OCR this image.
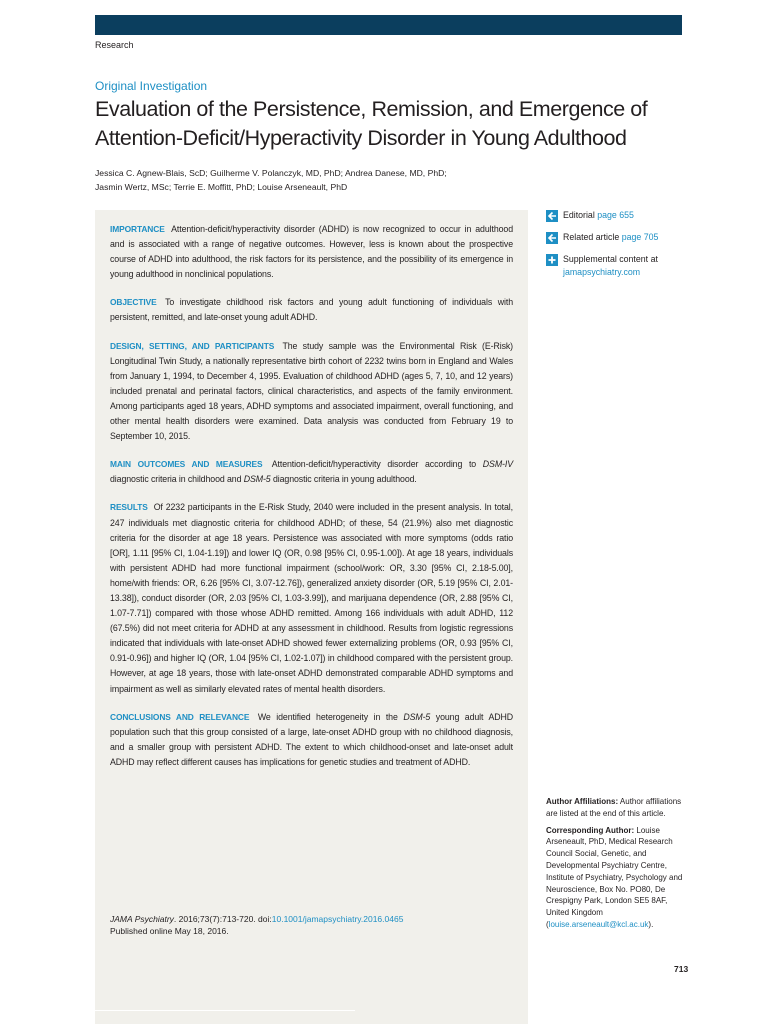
Research
Original Investigation
Evaluation of the Persistence, Remission, and Emergence of Attention-Deficit/Hyperactivity Disorder in Young Adulthood
Jessica C. Agnew-Blais, ScD; Guilherme V. Polanczyk, MD, PhD; Andrea Danese, MD, PhD;
Jasmin Wertz, MSc; Terrie E. Moffitt, PhD; Louise Arseneault, PhD

IMPORTANCE Attention-deficit/hyperactivity disorder (ADHD) is now recognized to occur in adulthood and is associated with a range of negative outcomes. However, less is known about the prospective course of ADHD into adulthood, the risk factors for its persistence, and the possibility of its emergence in young adulthood in nonclinical populations.

OBJECTIVE To investigate childhood risk factors and young adult functioning of individuals with persistent, remitted, and late-onset young adult ADHD.

DESIGN, SETTING, AND PARTICIPANTS The study sample was the Environmental Risk (E-Risk) Longitudinal Twin Study, a nationally representative birth cohort of 2232 twins born in England and Wales from January 1, 1994, to December 4, 1995. Evaluation of childhood ADHD (ages 5, 7, 10, and 12 years) included prenatal and perinatal factors, clinical characteristics, and aspects of the family environment. Among participants aged 18 years, ADHD symptoms and associated impairment, overall functioning, and other mental health disorders were examined. Data analysis was conducted from February 19 to September 10, 2015.

MAIN OUTCOMES AND MEASURES Attention-deficit/hyperactivity disorder according to DSM-IV diagnostic criteria in childhood and DSM-5 diagnostic criteria in young adulthood.

RESULTS Of 2232 participants in the E-Risk Study, 2040 were included in the present analysis. In total, 247 individuals met diagnostic criteria for childhood ADHD; of these, 54 (21.9%) also met diagnostic criteria for the disorder at age 18 years. Persistence was associated with more symptoms (odds ratio [OR], 1.11 [95% CI, 1.04-1.19]) and lower IQ (OR, 0.98 [95% CI, 0.95-1.00]). At age 18 years, individuals with persistent ADHD had more functional impairment (school/work: OR, 3.30 [95% CI, 2.18-5.00], home/with friends: OR, 6.26 [95% CI, 3.07-12.76]), generalized anxiety disorder (OR, 5.19 [95% CI, 2.01-13.38]), conduct disorder (OR, 2.03 [95% CI, 1.03-3.99]), and marijuana dependence (OR, 2.88 [95% CI, 1.07-7.71]) compared with those whose ADHD remitted. Among 166 individuals with adult ADHD, 112 (67.5%) did not meet criteria for ADHD at any assessment in childhood. Results from logistic regressions indicated that individuals with late-onset ADHD showed fewer externalizing problems (OR, 0.93 [95% CI, 0.91-0.96]) and higher IQ (OR, 1.04 [95% CI, 1.02-1.07]) in childhood compared with the persistent group. However, at age 18 years, those with late-onset ADHD demonstrated comparable ADHD symptoms and impairment as well as similarly elevated rates of mental health disorders.

CONCLUSIONS AND RELEVANCE We identified heterogeneity in the DSM-5 young adult ADHD population such that this group consisted of a large, late-onset ADHD group with no childhood diagnosis, and a smaller group with persistent ADHD. The extent to which childhood-onset and late-onset adult ADHD may reflect different causes has implications for genetic studies and treatment of ADHD.

JAMA Psychiatry. 2016;73(7):713-720. doi:10.1001/jamapsychiatry.2016.0465
Published online May 18, 2016.
Editorial page 655
Related article page 705
Supplemental content at
jamapsychiatry.com

Author Affiliations: Author affiliations are listed at the end of this article.

Corresponding Author: Louise Arseneault, PhD, Medical Research Council Social, Genetic, and Developmental Psychiatry Centre, Institute of Psychiatry, Psychology and Neuroscience, Box No. PO80, De Crespigny Park, London SE5 8AF, United Kingdom (louise.arseneault@kcl.ac.uk).

713
